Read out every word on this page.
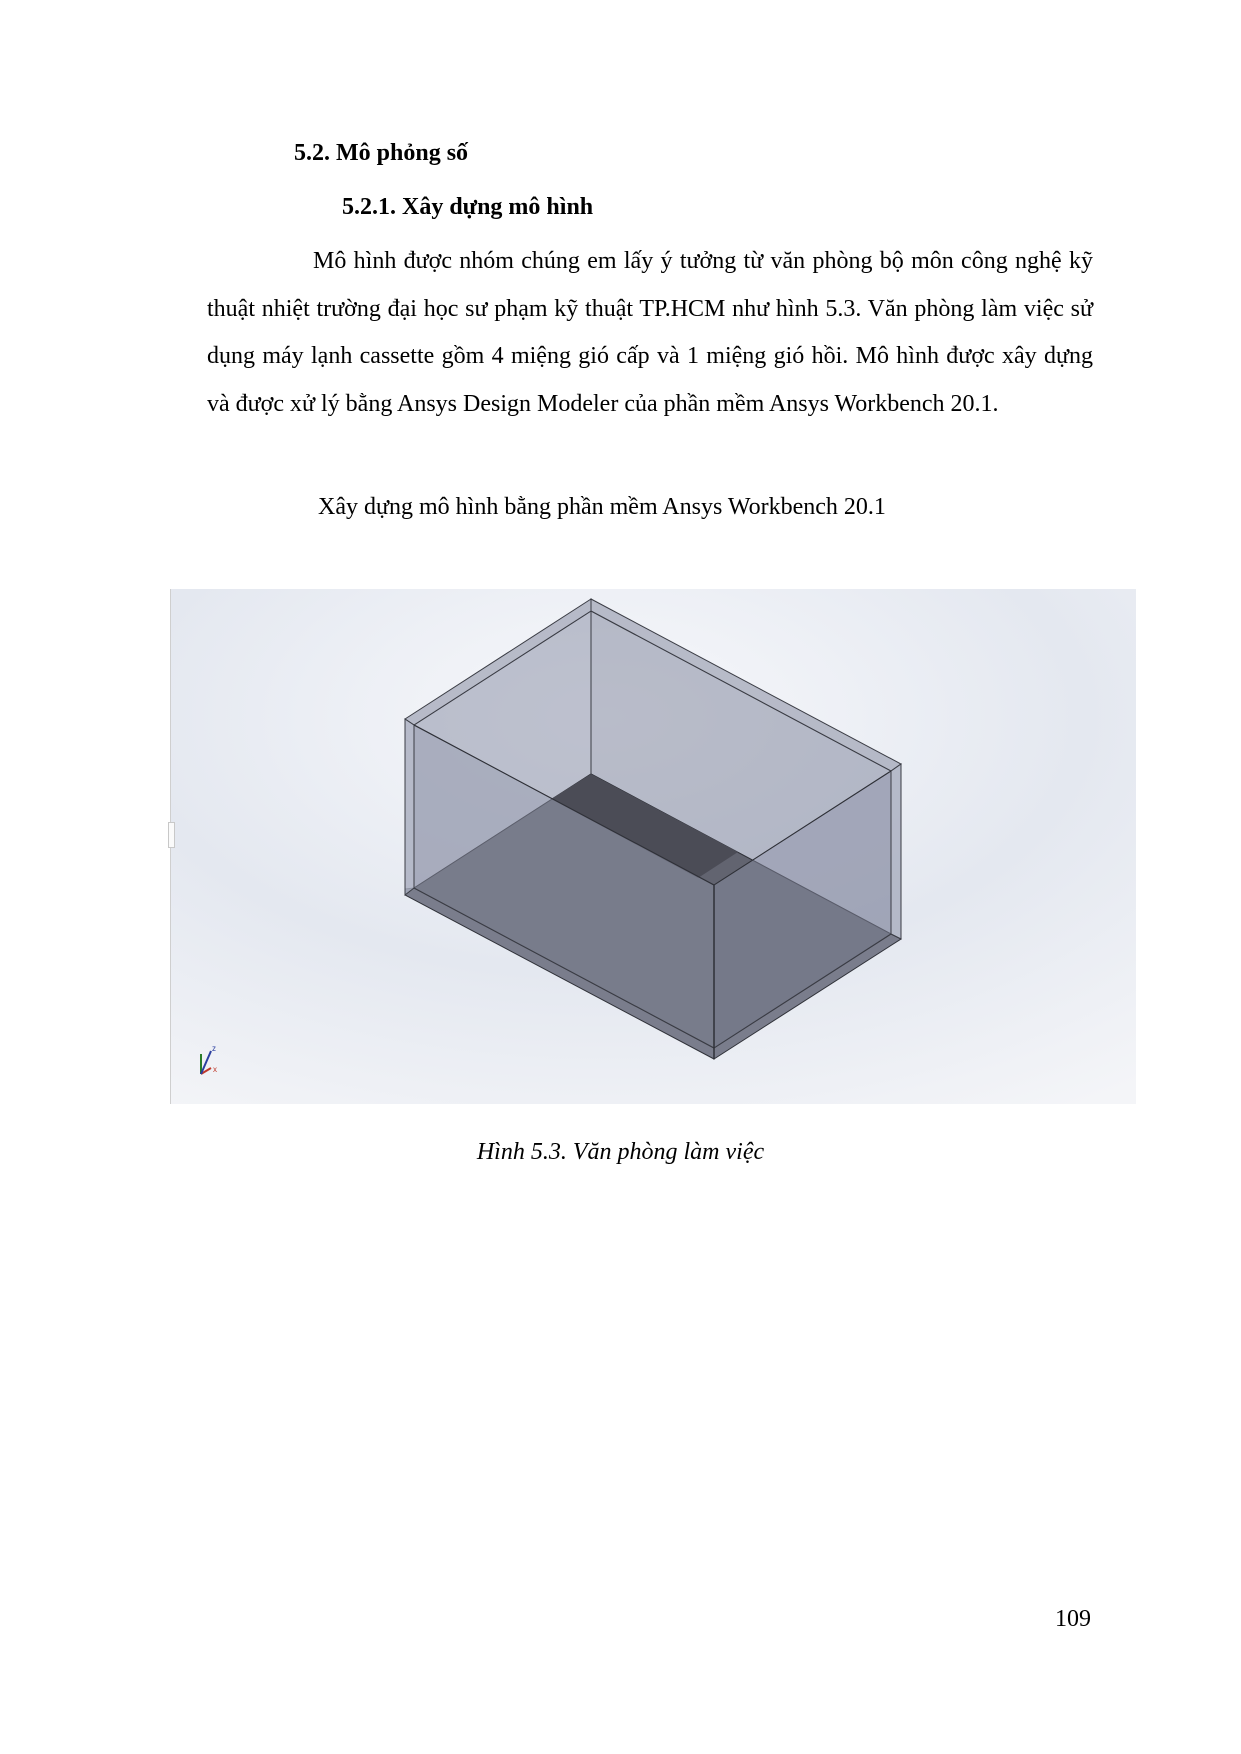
5.2. Mô phỏng số
5.2.1. Xây dựng mô hình
Mô hình được nhóm chúng em lấy ý tưởng từ văn phòng bộ môn công nghệ kỹ thuật nhiệt trường đại học sư phạm kỹ thuật TP.HCM như hình 5.3. Văn phòng làm việc sử dụng máy lạnh cassette gồm 4 miệng gió cấp và 1 miệng gió hồi. Mô hình được xây dựng và được xử lý bằng Ansys Design Modeler của phần mềm Ansys Workbench 20.1.
Xây dựng mô hình bằng phần mềm Ansys Workbench 20.1
z
x
Hình 5.3. Văn phòng làm việc
109
